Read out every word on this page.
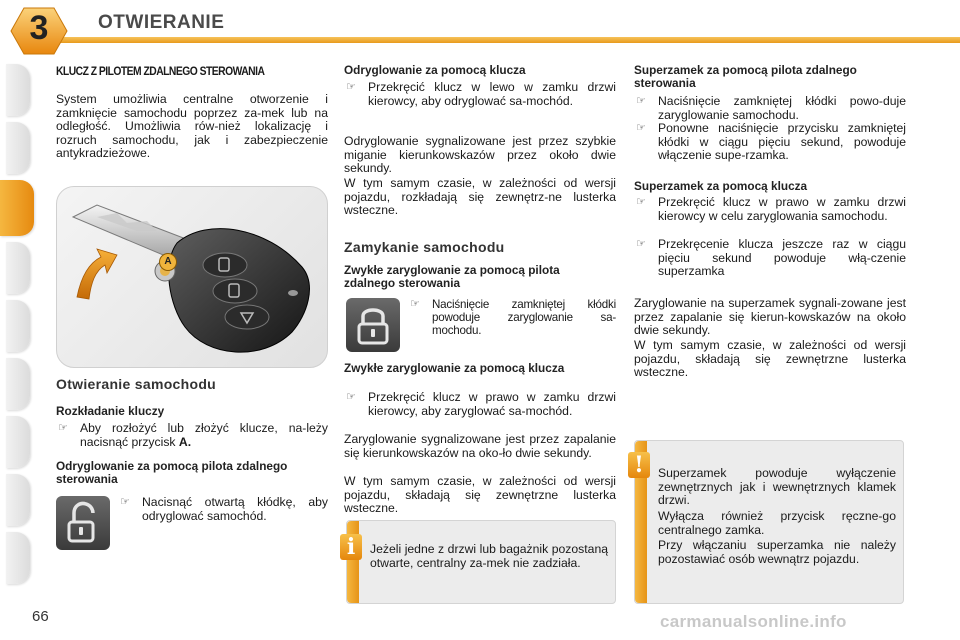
3	OTWIERANIE
KLUCZ Z PILOTEM ZDALNEGO STEROWANIA

System umożliwia centralne otworzenie i zamknięcie samochodu poprzez za-mek lub na odległość. Umożliwia rów-nież lokalizację i rozruch samochodu, jak i zabezpieczenie antykradzieżowe.

A
Otwieranie samochodu
Rozkładanie kluczy
☞ Aby rozłożyć lub złożyć klucze, na-leży nacisnąć przycisk A.
Odryglowanie za pomocą pilota zdalnego sterowania
☞ Nacisnąć otwartą kłódkę, aby odryglować samochód.
Odryglowanie za pomocą klucza
☞ Przekręcić klucz w lewo w zamku drzwi kierowcy, aby odryglować sa-mochód.

Odryglowanie sygnalizowane jest przez szybkie miganie kierunkowskazów przez około dwie sekundy.

W tym samym czasie, w zależności od wersji pojazdu, rozkładają się zewnętrz-ne lusterka wsteczne.

Zamykanie samochodu
Zwykłe zaryglowanie za pomocą pilota zdalnego sterowania
☞ Naciśnięcie zamkniętej kłódki powoduje zaryglowanie sa-mochodu.
Zwykłe zaryglowanie za pomocą klucza
☞ Przekręcić klucz w prawo w zamku drzwi kierowcy, aby zaryglować sa-mochód.

Zaryglowanie sygnalizowane jest przez zapalanie się kierunkowskazów na oko-ło dwie sekundy.

W tym samym czasie, w zależności od wersji pojazdu, składają się zewnętrzne lusterka wsteczne.

i	Jeżeli jedne z drzwi lub bagażnik pozostaną otwarte, centralny za-mek nie zadziała.

Superzamek za pomocą pilota zdalnego sterowania
☞ Naciśnięcie zamkniętej kłódki powo-duje zaryglowanie samochodu.
☞ Ponowne naciśnięcie przycisku zamkniętej kłódki w ciągu pięciu sekund, powoduje włączenie supe-rzamka.
Superzamek za pomocą klucza
☞ Przekręcić klucz w prawo w zamku drzwi kierowcy w celu zaryglowania samochodu.
☞ Przekręcenie klucza jeszcze raz w ciągu pięciu sekund powoduje włą-czenie superzamka

Zaryglowanie na superzamek sygnali-zowane jest przez zapalanie się kierun-kowskazów na około dwie sekundy.

W tym samym czasie, w zależności od wersji pojazdu, składają się zewnętrzne lusterka wsteczne.

!	Superzamek powoduje wyłączenie zewnętrznych jak i wewnętrznych klamek drzwi.

Wyłącza również przycisk ręczne-go centralnego zamka.

Przy włączaniu superzamka nie należy pozostawiać osób wewnątrz pojazdu.

66	carmanualsonline.info
